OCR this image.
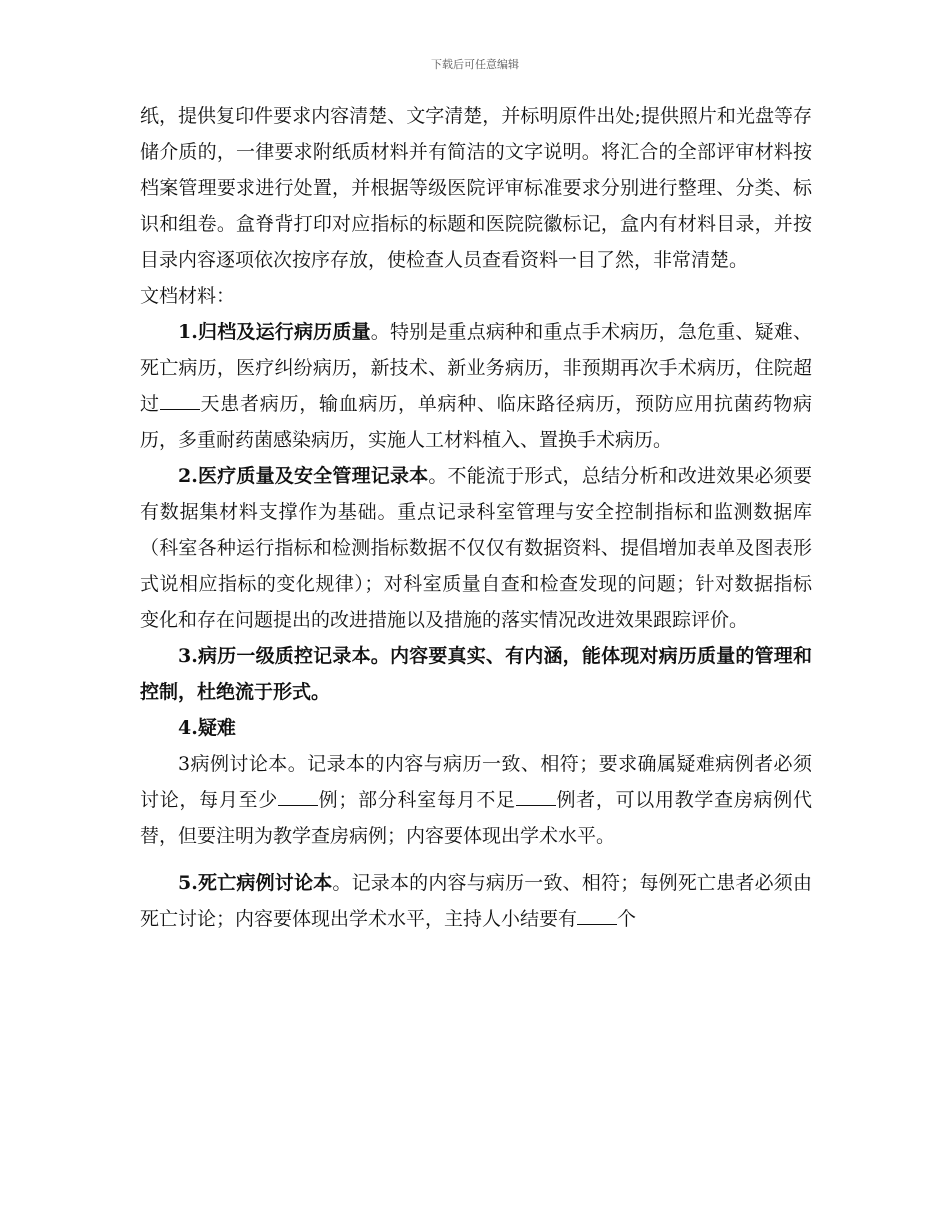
下载后可任意编辑

纸，提供复印件要求内容清楚、文字清楚，并标明原件出处;提供照片和光盘等存储介质的，一律要求附纸质材料并有简洁的文字说明。将汇合的全部评审材料按档案管理要求进行处置，并根据等级医院评审标准要求分别进行整理、分类、标识和组卷。盒脊背打印对应指标的标题和医院院徽标记，盒内有材料目录，并按目录内容逐项依次按序存放，使检查人员查看资料一目了然，非常清楚。

文档材料：

1.归档及运行病历质量。特别是重点病种和重点手术病历，急危重、疑难、死亡病历，医疗纠纷病历，新技术、新业务病历，非预期再次手术病历，住院超过 天患者病历，输血病历，单病种、临床路径病历，预防应用抗菌药物病历，多重耐药菌感染病历，实施人工材料植入、置换手术病历。

2.医疗质量及安全管理记录本。不能流于形式，总结分析和改进效果必须要有数据集材料支撑作为基础。重点记录科室管理与安全控制指标和监测数据库（科室各种运行指标和检测指标数据不仅仅有数据资料、提倡增加表单及图表形式说相应指标的变化规律）；对科室质量自查和检查发现的问题；针对数据指标变化和存在问题提出的改进措施以及措施的落实情况改进效果跟踪评价。

3.病历一级质控记录本。内容要真实、有内涵，能体现对病历质量的管理和控制，杜绝流于形式。

4.疑难

3病例讨论本。记录本的内容与病历一致、相符；要求确属疑难病例者必须讨论，每月至少 例；部分科室每月不足 例者，可以用教学查房病例代替，但要注明为教学查房病例；内容要体现出学术水平。

5.死亡病例讨论本。记录本的内容与病历一致、相符；每例死亡患者必须由死亡讨论；内容要体现出学术水平，主持人小结要有 个
